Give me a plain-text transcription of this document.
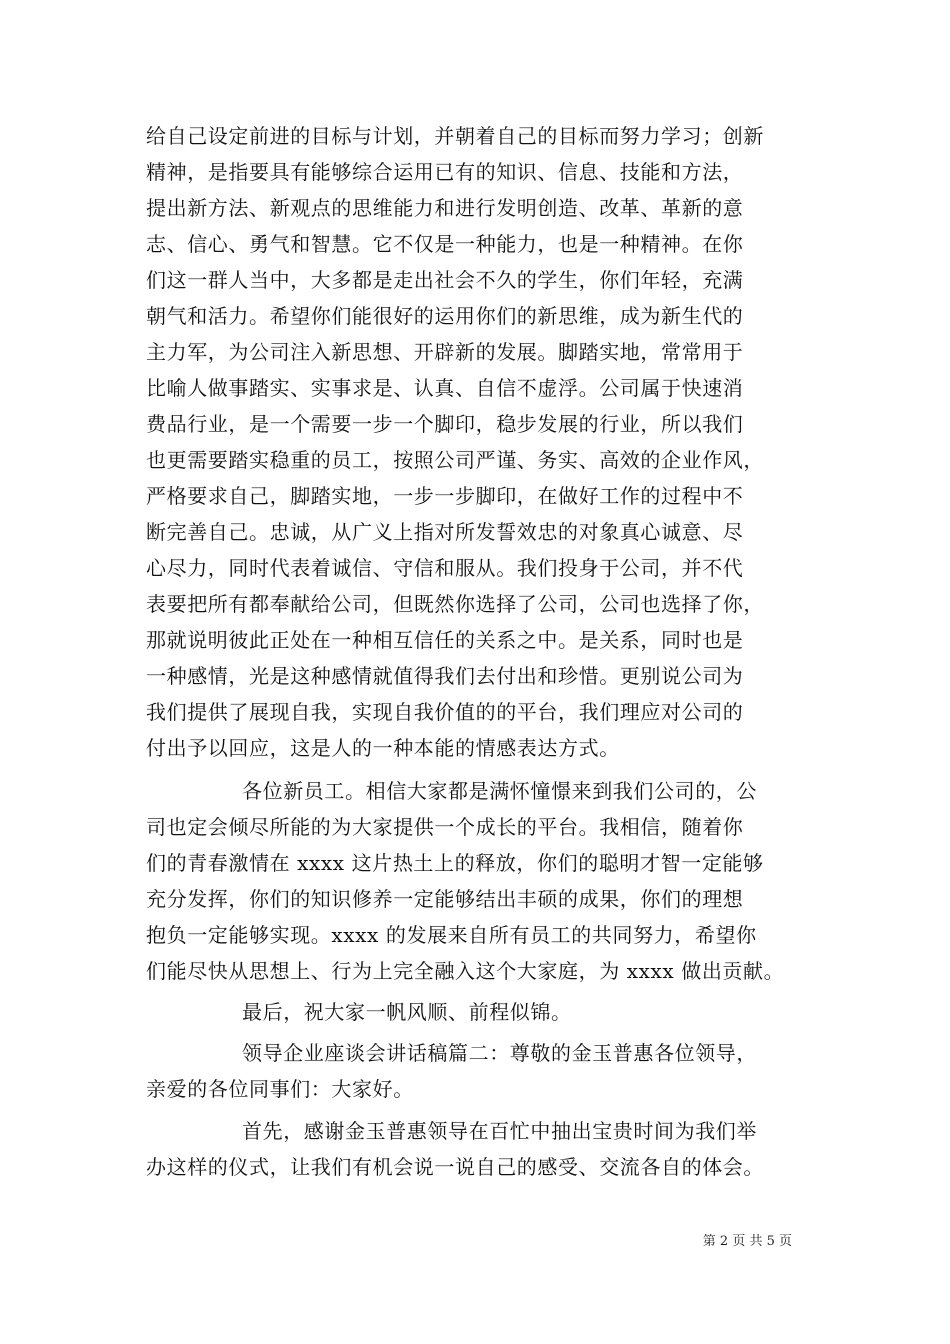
给自己设定前进的目标与计划，并朝着自己的目标而努力学习；创新
精神，是指要具有能够综合运用已有的知识、信息、技能和方法，
提出新方法、新观点的思维能力和进行发明创造、改革、革新的意
志、信心、勇气和智慧。它不仅是一种能力，也是一种精神。在你
们这一群人当中，大多都是走出社会不久的学生，你们年轻，充满
朝气和活力。希望你们能很好的运用你们的新思维，成为新生代的
主力军，为公司注入新思想、开辟新的发展。脚踏实地，常常用于
比喻人做事踏实、实事求是、认真、自信不虚浮。公司属于快速消
费品行业，是一个需要一步一个脚印，稳步发展的行业，所以我们
也更需要踏实稳重的员工，按照公司严谨、务实、高效的企业作风，
严格要求自己，脚踏实地，一步一步脚印，在做好工作的过程中不
断完善自己。忠诚，从广义上指对所发誓效忠的对象真心诚意、尽
心尽力，同时代表着诚信、守信和服从。我们投身于公司，并不代
表要把所有都奉献给公司，但既然你选择了公司，公司也选择了你，
那就说明彼此正处在一种相互信任的关系之中。是关系，同时也是
一种感情，光是这种感情就值得我们去付出和珍惜。更别说公司为
我们提供了展现自我，实现自我价值的的平台，我们理应对公司的
付出予以回应，这是人的一种本能的情感表达方式。
各位新员工。相信大家都是满怀憧憬来到我们公司的，公
司也定会倾尽所能的为大家提供一个成长的平台。我相信，随着你
们的青春激情在 xxxx 这片热土上的释放，你们的聪明才智一定能够
充分发挥，你们的知识修养一定能够结出丰硕的成果，你们的理想
抱负一定能够实现。xxxx 的发展来自所有员工的共同努力，希望你
们能尽快从思想上、行为上完全融入这个大家庭，为 xxxx 做出贡献。
最后，祝大家一帆风顺、前程似锦。
领导企业座谈会讲话稿篇二：尊敬的金玉普惠各位领导，
亲爱的各位同事们：大家好。
首先，感谢金玉普惠领导在百忙中抽出宝贵时间为我们举
办这样的仪式，让我们有机会说一说自己的感受、交流各自的体会。
第 2 页 共 5 页
